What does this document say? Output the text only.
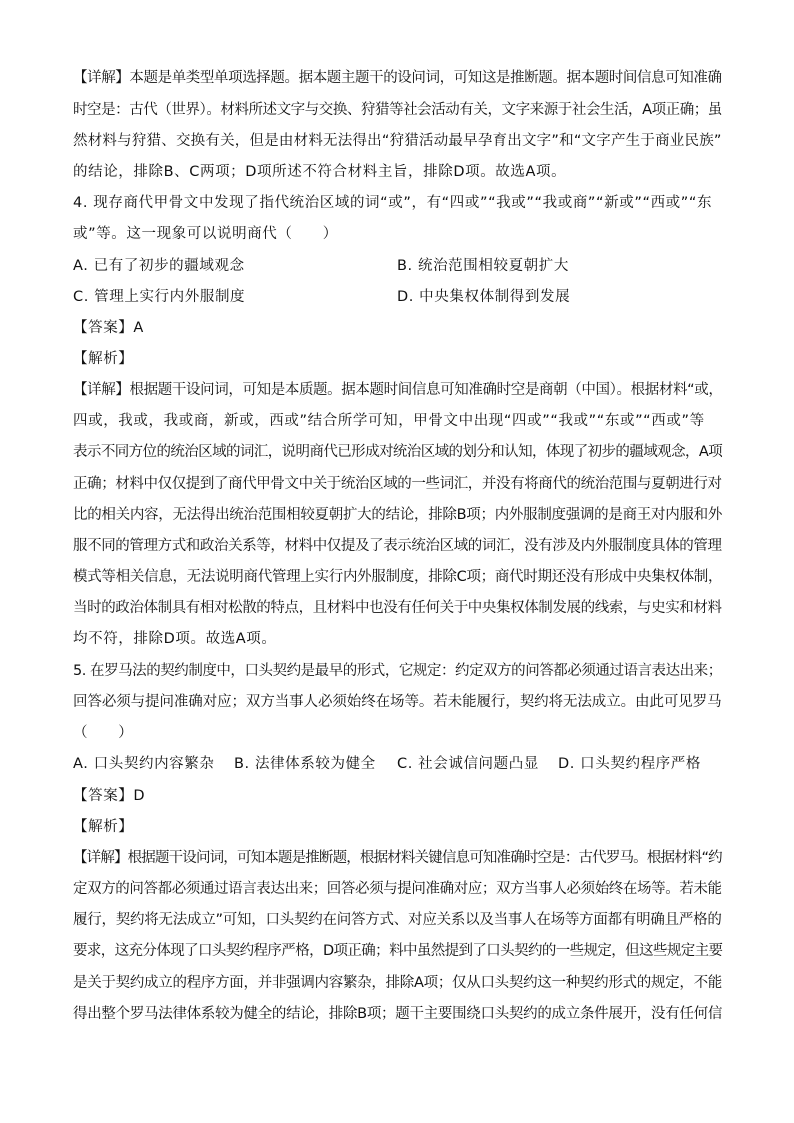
【详解】本题是单类型单项选择题。据本题主题干的设问词，可知这是推断题。据本题时间信息可知准确
时空是：古代（世界）。材料所述文字与交换、狩猎等社会活动有关，文字来源于社会生活，A项正确；虽
然材料与狩猎、交换有关，但是由材料无法得出“狩猎活动最早孕育出文字”和“文字产生于商业民族”
的结论，排除B、C两项；D项所述不符合材料主旨，排除D项。故选A项。
4. 现存商代甲骨文中发现了指代统治区域的词“或”，有“四或”“我或”“我或商”“新或”“西或”“东
或”等。这一现象可以说明商代（　　）
A. 已有了初步的疆域观念	B. 统治范围相较夏朝扩大
C. 管理上实行内外服制度	D. 中央集权体制得到发展
【答案】A
【解析】
【详解】根据题干设问词，可知是本质题。据本题时间信息可知准确时空是商朝（中国）。根据材料“或，
四或，我或，我或商，新或，西或”结合所学可知，甲骨文中出现“四或”“我或”“东或”“西或”等
表示不同方位的统治区域的词汇，说明商代已形成对统治区域的划分和认知，体现了初步的疆域观念，A项
正确；材料中仅仅提到了商代甲骨文中关于统治区域的一些词汇，并没有将商代的统治范围与夏朝进行对
比的相关内容，无法得出统治范围相较夏朝扩大的结论，排除B项；内外服制度强调的是商王对内服和外
服不同的管理方式和政治关系等，材料中仅提及了表示统治区域的词汇，没有涉及内外服制度具体的管理
模式等相关信息，无法说明商代管理上实行内外服制度，排除C项；商代时期还没有形成中央集权体制，
当时的政治体制具有相对松散的特点，且材料中也没有任何关于中央集权体制发展的线索，与史实和材料
均不符，排除D项。故选A项。
5. 在罗马法的契约制度中，口头契约是最早的形式，它规定：约定双方的问答都必须通过语言表达出来；
回答必须与提问准确对应；双方当事人必须始终在场等。若未能履行，契约将无法成立。由此可见罗马
（　　）
A. 口头契约内容繁杂 B. 法律体系较为健全 C. 社会诚信问题凸显 D. 口头契约程序严格
【答案】D
【解析】
【详解】根据题干设问词，可知本题是推断题，根据材料关键信息可知准确时空是：古代罗马。根据材料“约
定双方的问答都必须通过语言表达出来；回答必须与提问准确对应；双方当事人必须始终在场等。若未能
履行，契约将无法成立”可知，口头契约在问答方式、对应关系以及当事人在场等方面都有明确且严格的
要求，这充分体现了口头契约程序严格，D项正确；料中虽然提到了口头契约的一些规定，但这些规定主要
是关于契约成立的程序方面，并非强调内容繁杂，排除A项；仅从口头契约这一种契约形式的规定，不能
得出整个罗马法律体系较为健全的结论，排除B项；题干主要围绕口头契约的成立条件展开，没有任何信
